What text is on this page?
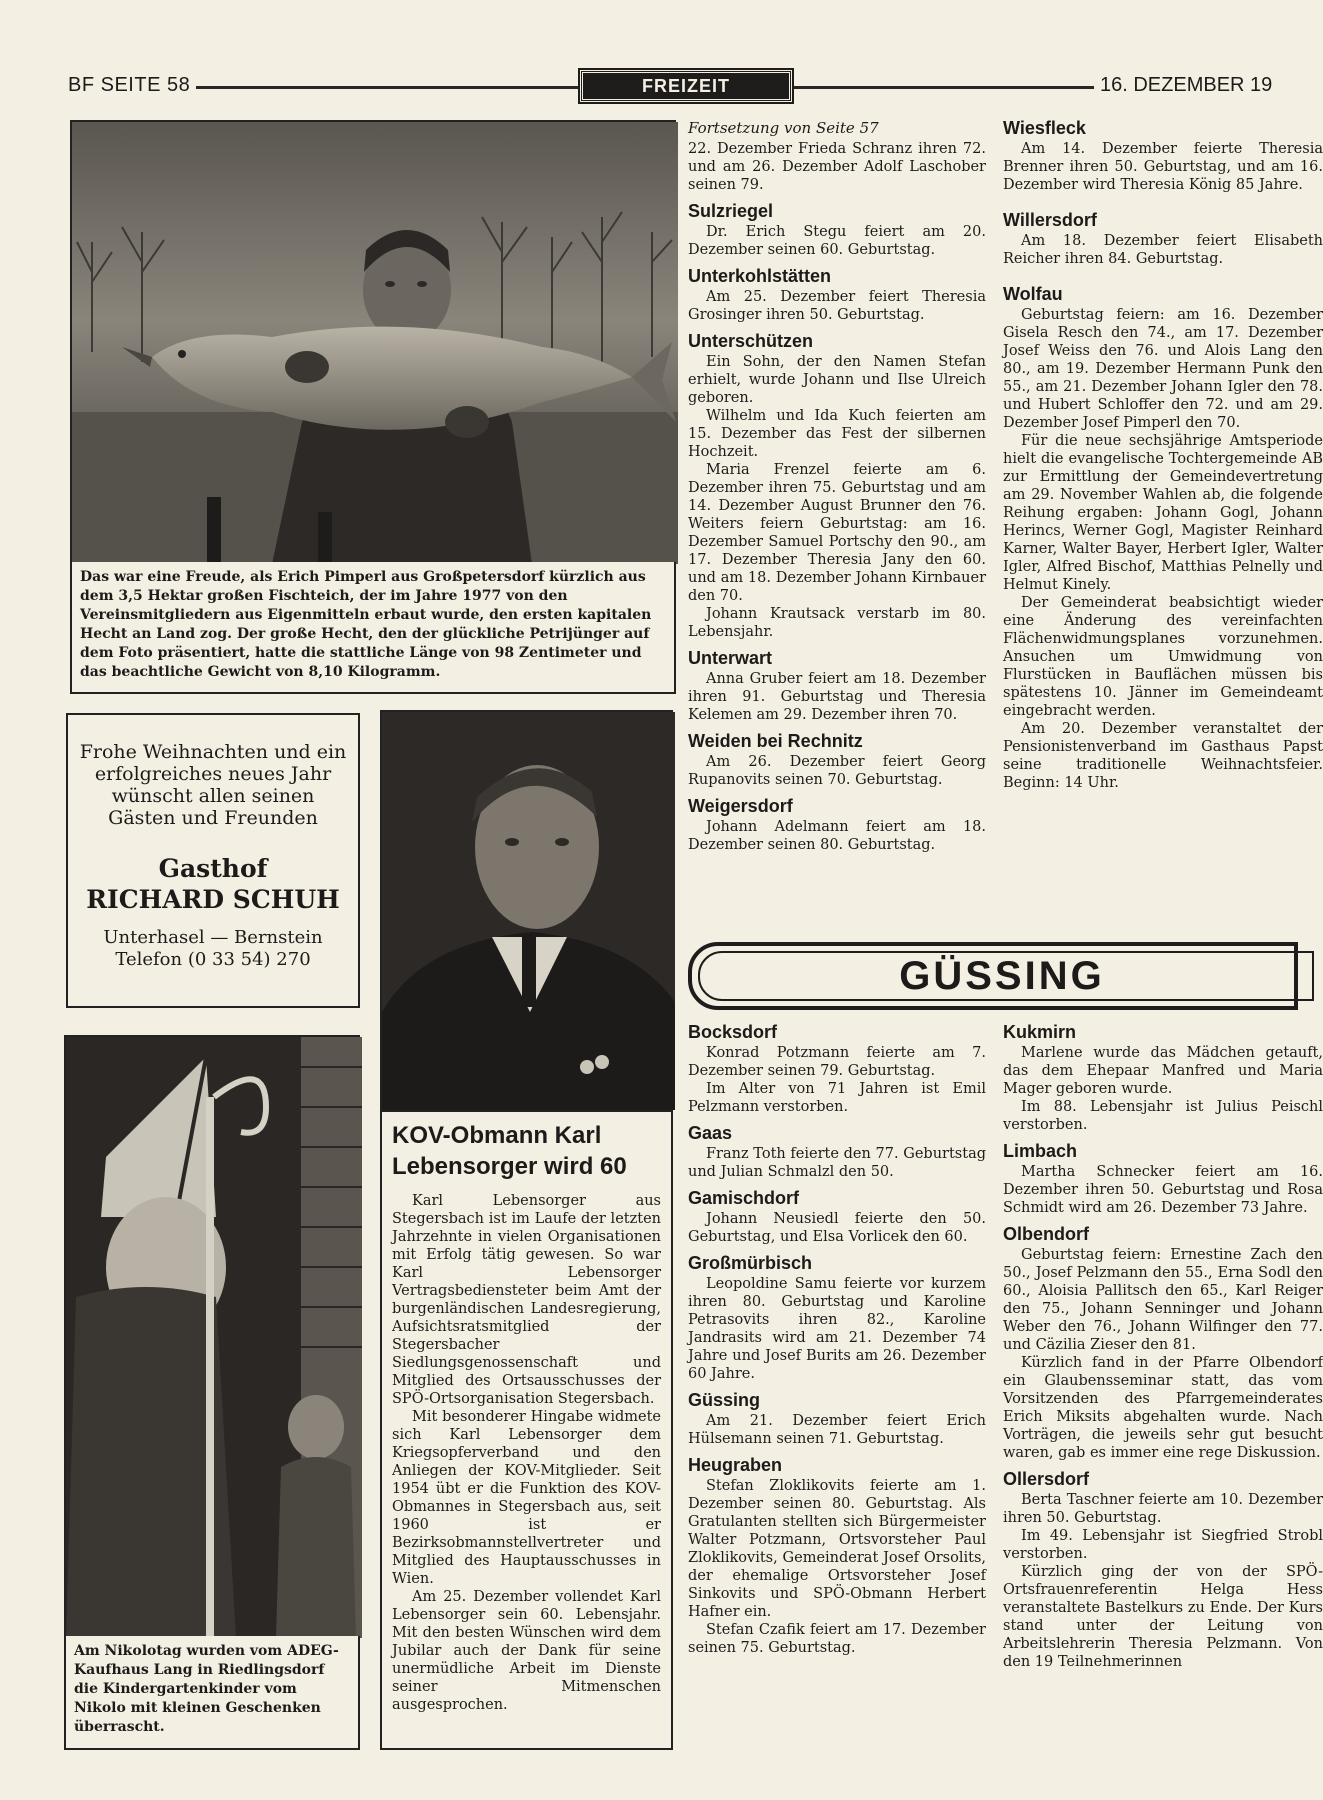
BF SEITE 58	FREIZEIT	16. DEZEMBER 19
Das war eine Freude, als Erich Pimperl aus Großpetersdorf kürzlich aus dem 3,5 Hektar großen Fischteich, der im Jahre 1977 von den Vereinsmitgliedern aus Eigenmitteln erbaut wurde, den ersten kapitalen Hecht an Land zog. Der große Hecht, den der glückliche Petrijünger auf dem Foto präsentiert, hatte die stattliche Länge von 98 Zentimeter und das beachtliche Gewicht von 8,10 Kilogramm.
Frohe Weihnachten und ein erfolgreiches neues Jahr wünscht allen seinen Gästen und Freunden
Gasthof
RICHARD SCHUH
Unterhasel — Bernstein
Telefon (0 33 54) 270
Am Nikolotag wurden vom ADEG-Kaufhaus Lang in Riedlingsdorf die Kindergartenkinder vom Nikolo mit kleinen Geschenken überrascht.
KOV-Obmann Karl Lebensorger wird 60

Karl Lebensorger aus Stegersbach ist im Laufe der letzten Jahrzehnte in vielen Organisationen mit Erfolg tätig gewesen. So war Karl Lebensorger Vertragsbediensteter beim Amt der burgenländischen Landesregierung, Aufsichtsratsmitglied der Stegersbacher Siedlungsgenossenschaft und Mitglied des Ortsausschusses der SPÖ-Ortsorganisation Stegersbach.

Mit besonderer Hingabe widmete sich Karl Lebensorger dem Kriegsopferverband und den Anliegen der KOV-Mitglieder. Seit 1954 übt er die Funktion des KOV-Obmannes in Stegersbach aus, seit 1960 ist er Bezirksobmannstellvertreter und Mitglied des Hauptausschusses in Wien.

Am 25. Dezember vollendet Karl Lebensorger sein 60. Lebensjahr. Mit den besten Wünschen wird dem Jubilar auch der Dank für seine unermüdliche Arbeit im Dienste seiner Mitmenschen ausgesprochen.

Fortsetzung von Seite 57
22. Dezember Frieda Schranz ihren 72. und am 26. Dezember Adolf Laschober seinen 79.
Sulzriegel
Dr. Erich Stegu feiert am 20. Dezember seinen 60. Geburtstag.
Unterkohlstätten
Am 25. Dezember feiert Theresia Grosinger ihren 50. Geburtstag.
Unterschützen
Ein Sohn, der den Namen Stefan erhielt, wurde Johann und Ilse Ulreich geboren.
Wilhelm und Ida Kuch feierten am 15. Dezember das Fest der silbernen Hochzeit.
Maria Frenzel feierte am 6. Dezember ihren 75. Geburtstag und am 14. Dezember August Brunner den 76. Weiters feiern Geburtstag: am 16. Dezember Samuel Portschy den 90., am 17. Dezember Theresia Jany den 60. und am 18. Dezember Johann Kirnbauer den 70.
Johann Krautsack verstarb im 80. Lebensjahr.
Unterwart
Anna Gruber feiert am 18. Dezember ihren 91. Geburtstag und Theresia Kelemen am 29. Dezember ihren 70.
Weiden bei Rechnitz
Am 26. Dezember feiert Georg Rupanovits seinen 70. Geburtstag.
Weigersdorf
Johann Adelmann feiert am 18. Dezember seinen 80. Geburtstag.
Wiesfleck
Am 14. Dezember feierte Theresia Brenner ihren 50. Geburtstag, und am 16. Dezember wird Theresia König 85 Jahre.
Willersdorf
Am 18. Dezember feiert Elisabeth Reicher ihren 84. Geburtstag.
Wolfau
Geburtstag feiern: am 16. Dezember Gisela Resch den 74., am 17. Dezember Josef Weiss den 76. und Alois Lang den 80., am 19. Dezember Hermann Punk den 55., am 21. Dezember Johann Igler den 78. und Hubert Schloffer den 72. und am 29. Dezember Josef Pimperl den 70.
Für die neue sechsjährige Amtsperiode hielt die evangelische Tochtergemeinde AB zur Ermittlung der Gemeindevertretung am 29. November Wahlen ab, die folgende Reihung ergaben: Johann Gogl, Johann Herincs, Werner Gogl, Magister Reinhard Karner, Walter Bayer, Herbert Igler, Walter Igler, Alfred Bischof, Matthias Pelnelly und Helmut Kinely.
Der Gemeinderat beabsichtigt wieder eine Änderung des vereinfachten Flächenwidmungsplanes vorzunehmen. Ansuchen um Umwidmung von Flurstücken in Bauflächen müssen bis spätestens 10. Jänner im Gemeindeamt eingebracht werden.
Am 20. Dezember veranstaltet der Pensionistenverband im Gasthaus Papst seine traditionelle Weihnachtsfeier. Beginn: 14 Uhr.
GÜSSING
Bocksdorf
Konrad Potzmann feierte am 7. Dezember seinen 79. Geburtstag.
Im Alter von 71 Jahren ist Emil Pelzmann verstorben.
Gaas
Franz Toth feierte den 77. Geburtstag und Julian Schmalzl den 50.
Gamischdorf
Johann Neusiedl feierte den 50. Geburtstag, und Elsa Vorlicek den 60.
Großmürbisch
Leopoldine Samu feierte vor kurzem ihren 80. Geburtstag und Karoline Petrasovits ihren 82., Karoline Jandrasits wird am 21. Dezember 74 Jahre und Josef Burits am 26. Dezember 60 Jahre.
Güssing
Am 21. Dezember feiert Erich Hülsemann seinen 71. Geburtstag.
Heugraben
Stefan Zloklikovits feierte am 1. Dezember seinen 80. Geburtstag. Als Gratulanten stellten sich Bürgermeister Walter Potzmann, Ortsvorsteher Paul Zloklikovits, Gemeinderat Josef Orsolits, der ehemalige Ortsvorsteher Josef Sinkovits und SPÖ-Obmann Herbert Hafner ein.
Stefan Czafik feiert am 17. Dezember seinen 75. Geburtstag.
Kukmirn
Marlene wurde das Mädchen getauft, das dem Ehepaar Manfred und Maria Mager geboren wurde.
Im 88. Lebensjahr ist Julius Peischl verstorben.
Limbach
Martha Schnecker feiert am 16. Dezember ihren 50. Geburtstag und Rosa Schmidt wird am 26. Dezember 73 Jahre.
Olbendorf
Geburtstag feiern: Ernestine Zach den 50., Josef Pelzmann den 55., Erna Sodl den 60., Aloisia Pallitsch den 65., Karl Reiger den 75., Johann Senninger und Johann Weber den 76., Johann Wilfinger den 77. und Cäzilia Zieser den 81.
Kürzlich fand in der Pfarre Olbendorf ein Glaubensseminar statt, das vom Vorsitzenden des Pfarrgemeinderates Erich Miksits abgehalten wurde. Nach Vorträgen, die jeweils sehr gut besucht waren, gab es immer eine rege Diskussion.
Ollersdorf
Berta Taschner feierte am 10. Dezember ihren 50. Geburtstag.
Im 49. Lebensjahr ist Siegfried Strobl verstorben.
Kürzlich ging der von der SPÖ-Ortsfrauenreferentin Helga Hess veranstaltete Bastelkurs zu Ende. Der Kurs stand unter der Leitung von Arbeitslehrerin Theresia Pelzmann. Von den 19 Teilnehmerinnen
